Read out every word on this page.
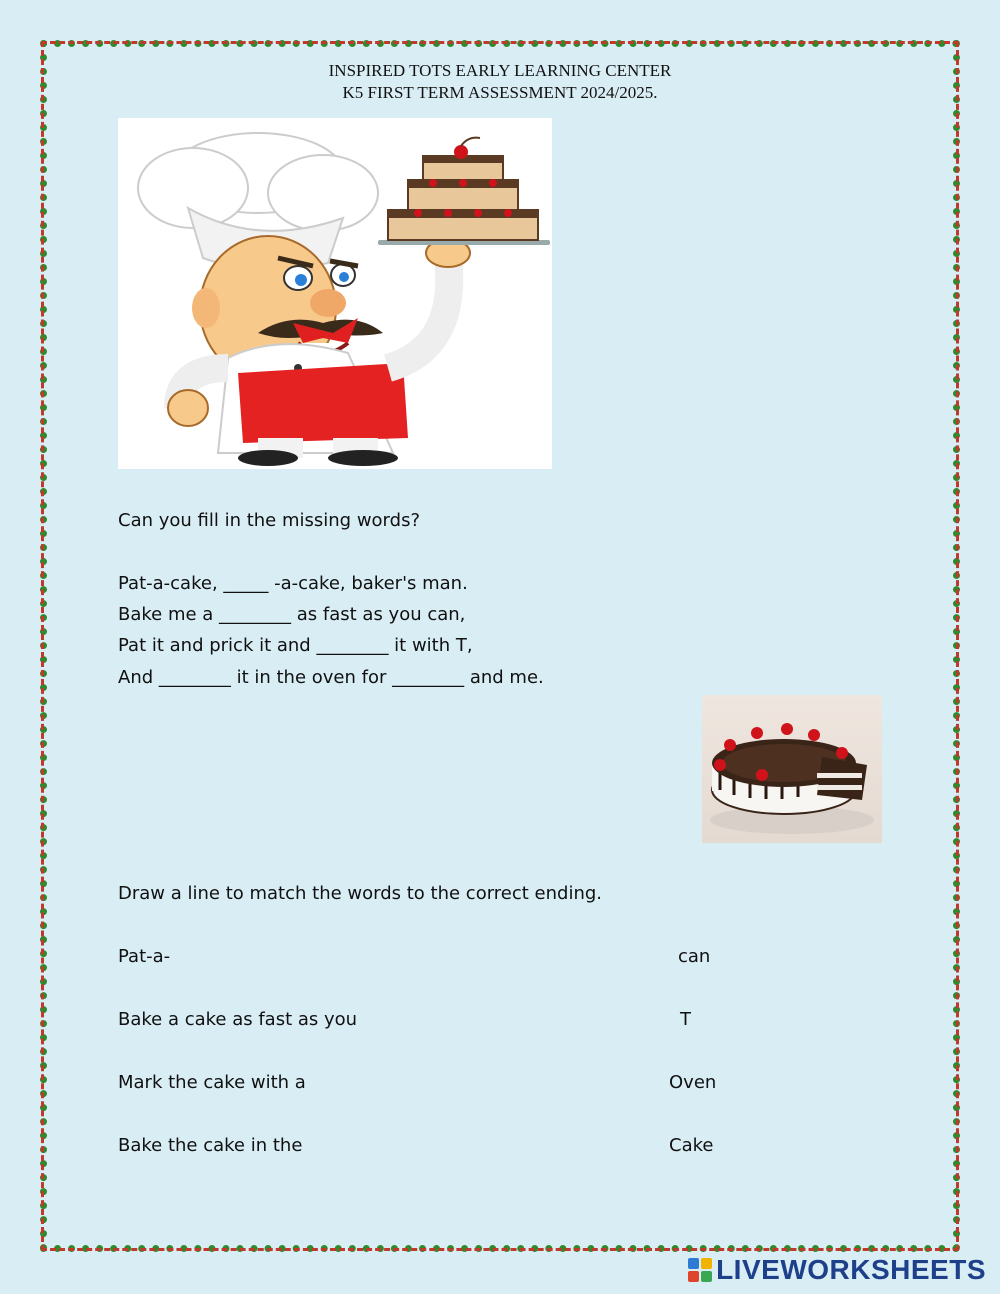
INSPIRED TOTS EARLY LEARNING CENTER
K5 FIRST TERM ASSESSMENT 2024/2025.
Can you fill in the missing words?
Pat-a-cake, _____ -a-cake, baker's man.
Bake me a ________ as fast as you can,
Pat it and prick it and ________ it with T,
And ________ it in the oven for ________ and me.
Draw a line to match the words to the correct ending.
Pat-a-
Bake a cake as fast as you
Mark the cake with a
Bake the cake in the
can
T
Oven
Cake
LIVEWORKSHEETS
